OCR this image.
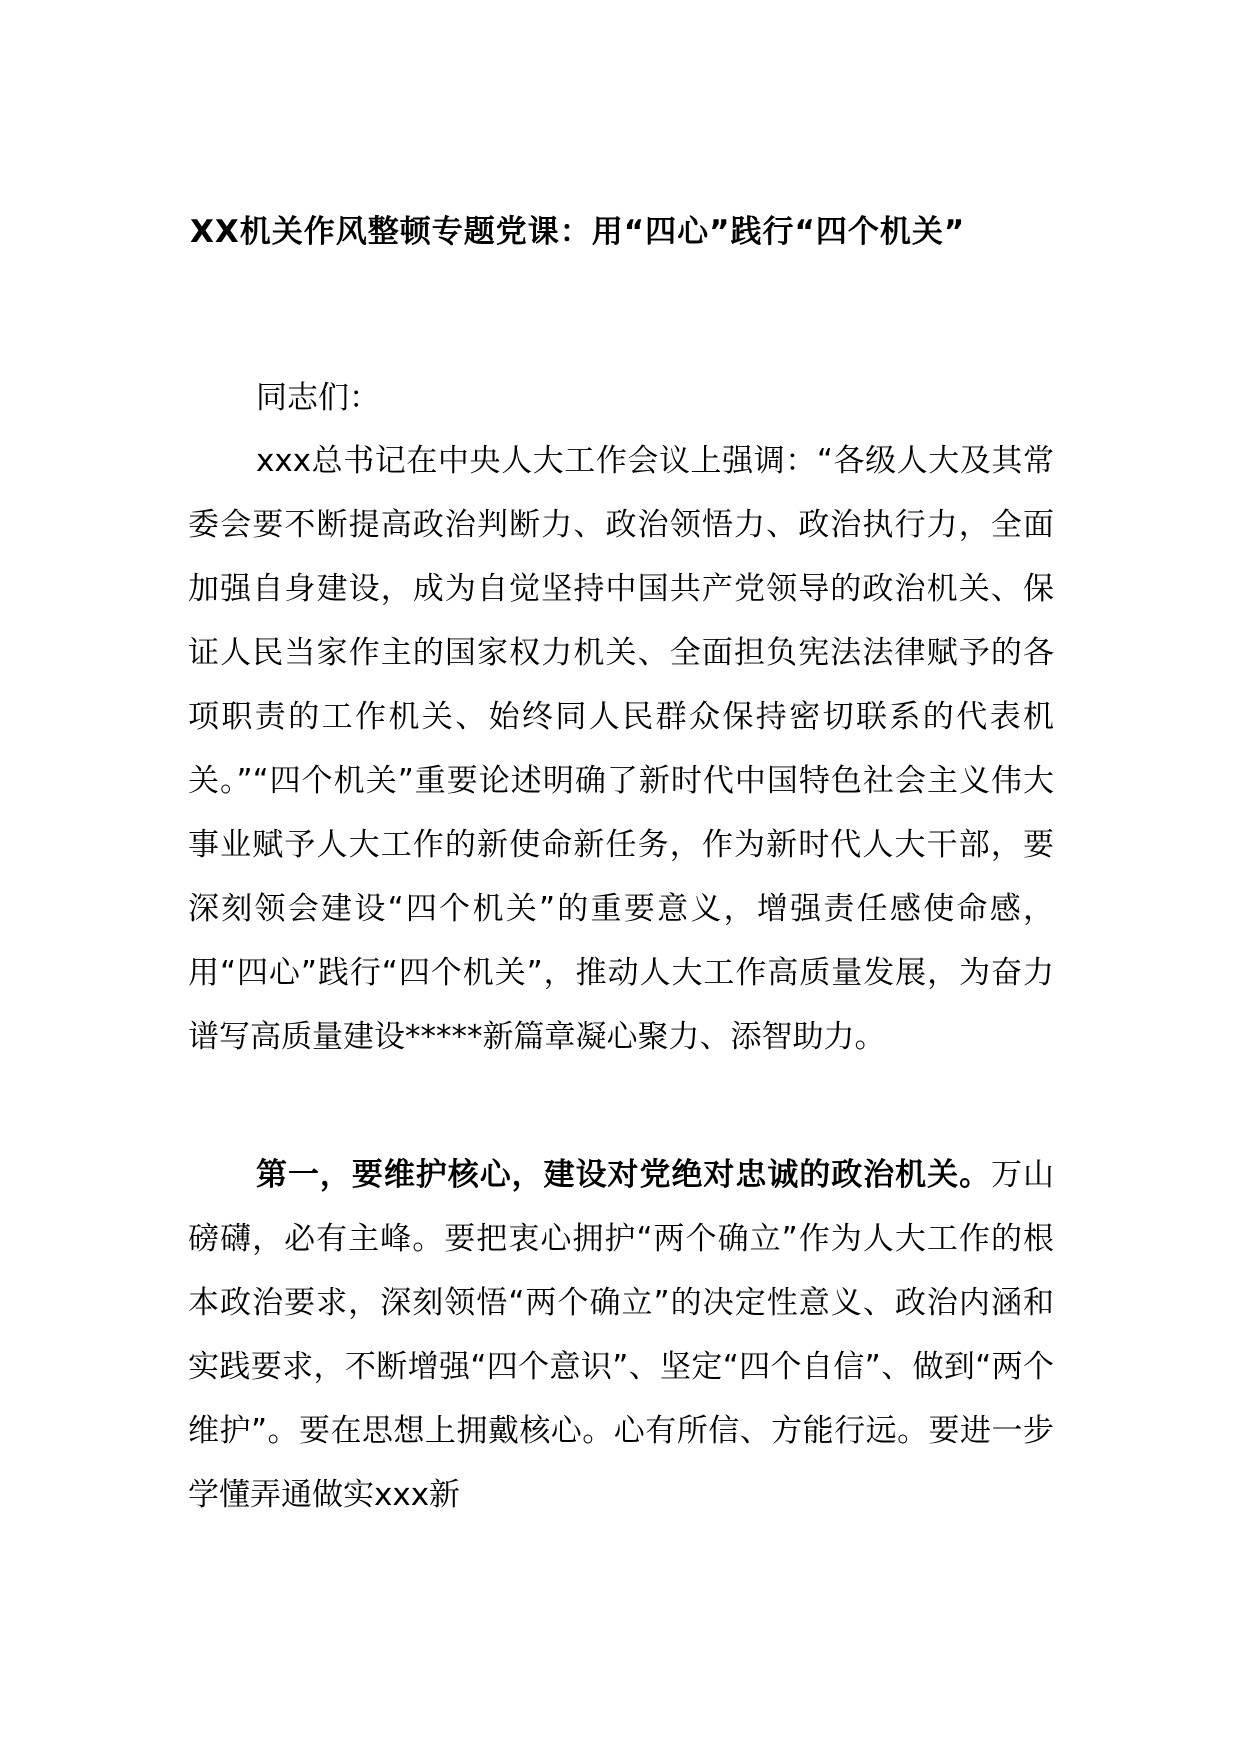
XX机关作风整顿专题党课：用“四心”践行“四个机关”
同志们：
xxx总书记在中央人大工作会议上强调：“各级人大及其常委会要不断提高政治判断力、政治领悟力、政治执行力，全面加强自身建设，成为自觉坚持中国共产党领导的政治机关、保证人民当家作主的国家权力机关、全面担负宪法法律赋予的各项职责的工作机关、始终同人民群众保持密切联系的代表机关。”“四个机关”重要论述明确了新时代中国特色社会主义伟大事业赋予人大工作的新使命新任务，作为新时代人大干部，要深刻领会建设“四个机关”的重要意义，增强责任感使命感，用“四心”践行“四个机关”，推动人大工作高质量发展，为奋力谱写高质量建设*****新篇章凝心聚力、添智助力。
第一，要维护核心，建设对党绝对忠诚的政治机关。万山磅礴，必有主峰。要把衷心拥护“两个确立”作为人大工作的根本政治要求，深刻领悟“两个确立”的决定性意义、政治内涵和实践要求，不断增强“四个意识”、坚定“四个自信”、做到“两个维护”。要在思想上拥戴核心。心有所信、方能行远。要进一步学懂弄通做实xxx新
